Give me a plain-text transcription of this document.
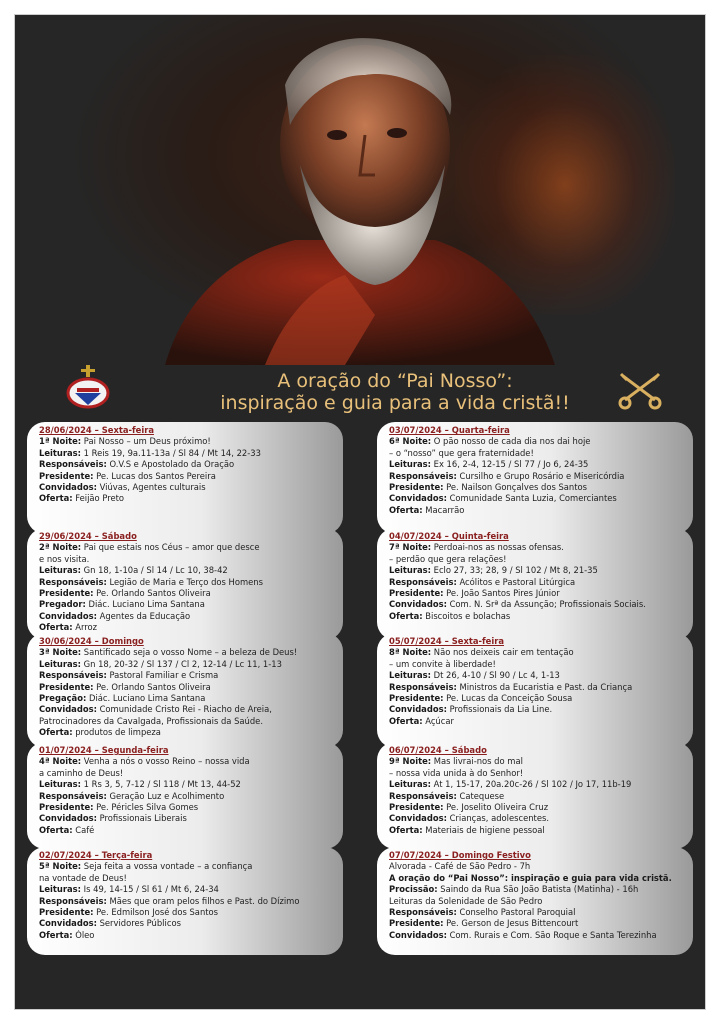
A oração do “Pai Nosso”:
inspiração e guia para a vida cristã!!
28/06/2024 – Sexta-feira
1ª Noite: Pai Nosso – um Deus próximo!
Leituras: 1 Reis 19, 9a.11-13a / Sl 84 / Mt 14, 22-33
Responsáveis: O.V.S e Apostolado da Oração
Presidente: Pe. Lucas dos Santos Pereira
Convidados: Viúvas, Agentes culturais
Oferta: Feijão Preto
29/06/2024 – Sábado
2ª Noite: Pai que estais nos Céus – amor que desce
e nos visita.
Leituras: Gn 18, 1-10a / Sl 14 / Lc 10, 38-42
Responsáveis: Legião de Maria e Terço dos Homens
Presidente: Pe. Orlando Santos Oliveira
Pregador: Diác. Luciano Lima Santana
Convidados: Agentes da Educação
Oferta: Arroz
30/06/2024 – Domingo
3ª Noite: Santificado seja o vosso Nome – a beleza de Deus!
Leituras: Gn 18, 20-32 / Sl 137 / Cl 2, 12-14 / Lc 11, 1-13
Responsáveis: Pastoral Familiar e Crisma
Presidente: Pe. Orlando Santos Oliveira
Pregação: Diác. Luciano Lima Santana
Convidados: Comunidade Cristo Rei - Riacho de Areia,
Patrocinadores da Cavalgada, Profissionais da Saúde.
Oferta: produtos de limpeza
01/07/2024 – Segunda-feira
4ª Noite: Venha a nós o vosso Reino – nossa vida
a caminho de Deus!
Leituras: 1 Rs 3, 5, 7-12 / Sl 118 / Mt 13, 44-52
Responsáveis: Geração Luz e Acolhimento
Presidente: Pe. Péricles Silva Gomes
Convidados: Profissionais Liberais
Oferta: Café
02/07/2024 – Terça-feira
5ª Noite: Seja feita a vossa vontade – a confiança
na vontade de Deus!
Leituras: Is 49, 14-15 / Sl 61 / Mt 6, 24-34
Responsáveis: Mães que oram pelos filhos e Past. do Dízimo
Presidente: Pe. Edmilson José dos Santos
Convidados: Servidores Públicos
Oferta: Óleo
03/07/2024 – Quarta-feira
6ª Noite: O pão nosso de cada dia nos dai hoje
– o “nosso” que gera fraternidade!
Leituras: Ex 16, 2-4, 12-15 / Sl 77 / Jo 6, 24-35
Responsáveis: Cursilho e Grupo Rosário e Misericórdia
Presidente: Pe. Nailson Gonçalves dos Santos
Convidados: Comunidade Santa Luzia, Comerciantes
Oferta: Macarrão
04/07/2024 – Quinta-feira
7ª Noite: Perdoai-nos as nossas ofensas.
– perdão que gera relações!
Leituras: Eclo 27, 33; 28, 9 / Sl 102 / Mt 8, 21-35
Responsáveis: Acólitos e Pastoral Litúrgica
Presidente: Pe. João Santos Pires Júnior
Convidados: Com. N. Srª da Assunção; Profissionais Sociais.
Oferta: Biscoitos e bolachas
05/07/2024 – Sexta-feira
8ª Noite: Não nos deixeis cair em tentação
– um convite à liberdade!
Leituras: Dt 26, 4-10 / Sl 90 / Lc 4, 1-13
Responsáveis: Ministros da Eucaristia e Past. da Criança
Presidente: Pe. Lucas da Conceição Sousa
Convidados: Profissionais da Lia Line.
Oferta: Açúcar
06/07/2024 – Sábado
9ª Noite: Mas livrai-nos do mal
– nossa vida unida à do Senhor!
Leituras: At 1, 15-17, 20a.20c-26 / Sl 102 / Jo 17, 11b-19
Responsáveis: Catequese
Presidente: Pe. Joselito Oliveira Cruz
Convidados: Crianças, adolescentes.
Oferta: Materiais de higiene pessoal
07/07/2024 – Domingo Festivo
Alvorada - Café de São Pedro - 7h
A oração do “Pai Nosso”: inspiração e guia para vida cristã.
Procissão: Saindo da Rua São João Batista (Matinha) - 16h
Leituras da Solenidade de São Pedro
Responsáveis: Conselho Pastoral Paroquial
Presidente: Pe. Gerson de Jesus Bittencourt
Convidados: Com. Rurais e Com. São Roque e Santa Terezinha
